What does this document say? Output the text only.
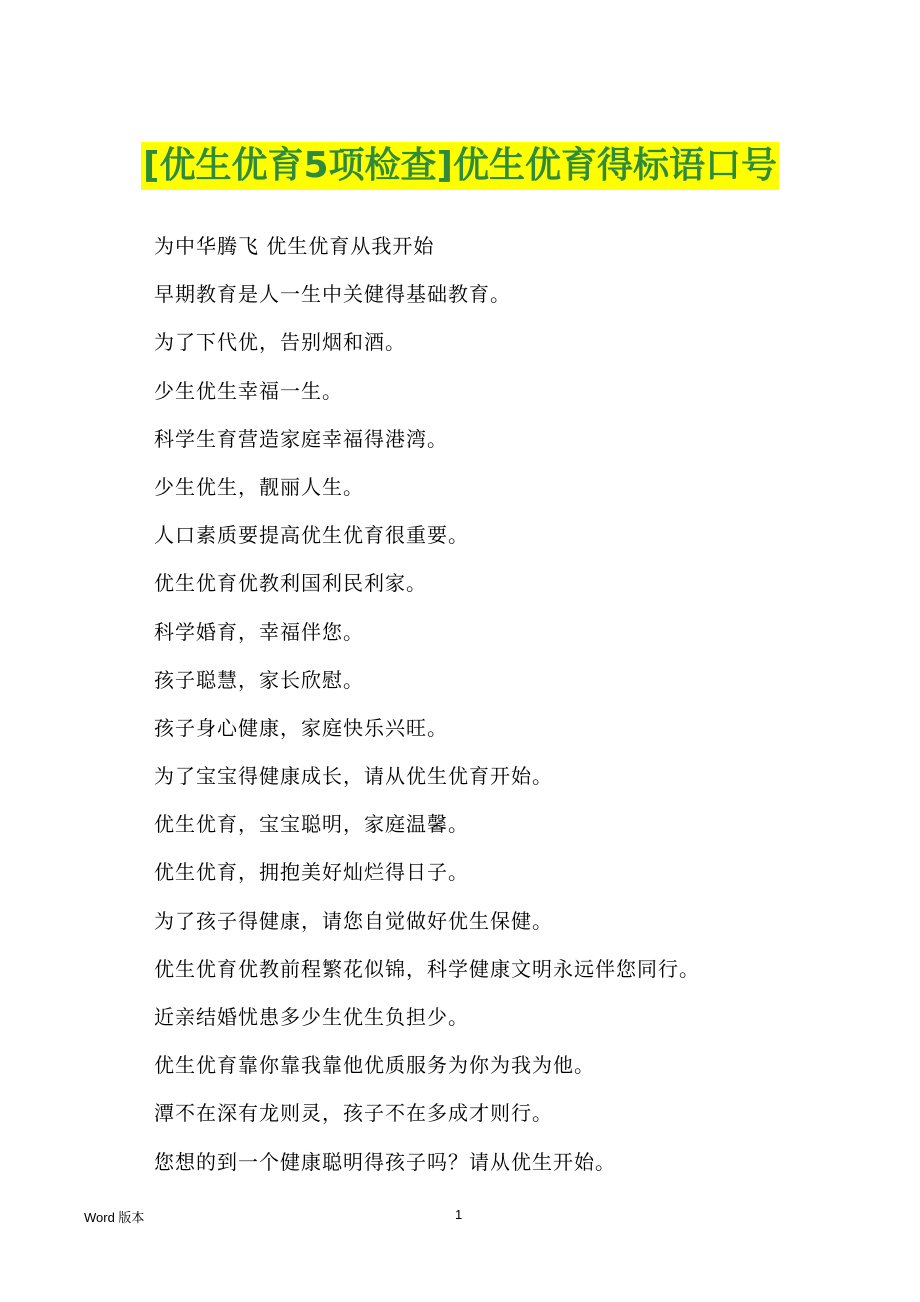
[优生优育5项检查]优生优育得标语口号
为中华腾飞 优生优育从我开始
早期教育是人一生中关健得基础教育。
为了下代优，告别烟和酒。
少生优生幸福一生。
科学生育营造家庭幸福得港湾。
少生优生，靓丽人生。
人口素质要提高优生优育很重要。
优生优育优教利国利民利家。
科学婚育，幸福伴您。
孩子聪慧，家长欣慰。
孩子身心健康，家庭快乐兴旺。
为了宝宝得健康成长，请从优生优育开始。
优生优育，宝宝聪明，家庭温馨。
优生优育，拥抱美好灿烂得日子。
为了孩子得健康，请您自觉做好优生保健。
优生优育优教前程繁花似锦，科学健康文明永远伴您同行。
近亲结婚忧患多少生优生负担少。
优生优育靠你靠我靠他优质服务为你为我为他。
潭不在深有龙则灵，孩子不在多成才则行。
您想的到一个健康聪明得孩子吗？请从优生开始。
Word 版本	1
